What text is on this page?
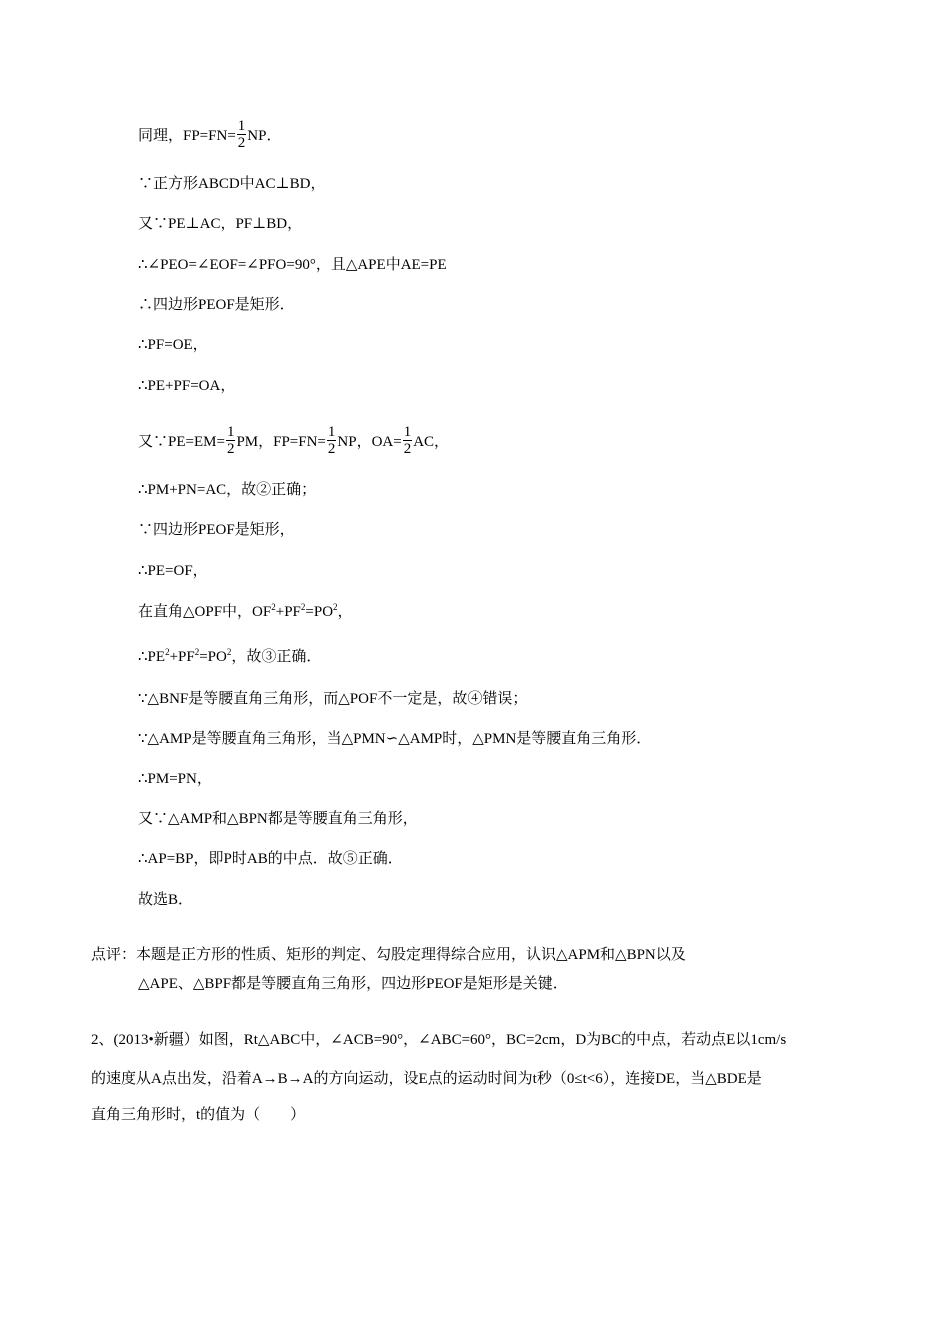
同理，$FP=FN= \frac{1}{2}$ NP．
∵正方形ABCD中AC⊥BD，
又∵PE⊥AC，PF⊥BD，
∴∠PEO=∠EOF=∠PFO=90°，且△APE中AE=PE
∴四边形PEOF是矩形．
∴PF=OE，
∴PE+PF=OA，
又∵PE=EM= $\frac{1}{2}$ PM，$FP=FN= \frac{1}{2}$ NP，$OA= \frac{1}{2}$ AC，
∴PM+PN=AC，故②正确；
∵四边形PEOF是矩形，
∴PE=OF，
在直角△OPF中，$OF^2+PF^2=PO^2$，
$\therefore PE^2+PF^2=PO^2$，故③正确．
∵△BNF是等腰直角三角形，而△POF不一定是，故④错误；
∵△AMP是等腰直角三角形，当△PMN∽△AMP时，△PMN是等腰直角三角形．
∴PM=PN，
又∵△AMP和△BPN都是等腰直角三角形，
∴AP=BP，即P时AB的中点．故⑤正确．
故选B．
点评：本题是正方形的性质、矩形的判定、勾股定理得综合应用，认识△APM和△BPN以及
△APE、△BPF都是等腰直角三角形，四边形PEOF是矩形是关键．
2、(2013•新疆）如图，Rt△ABC中，∠ACB=90°，∠ABC=60°，BC=2cm，D为BC的中点，若动点E以1cm/s
的速度从A点出发，沿着A→B→A的方向运动，设E点的运动时间为t秒（0≤t<6），连接DE，当△BDE是
直角三角形时，t的值为（　　）
